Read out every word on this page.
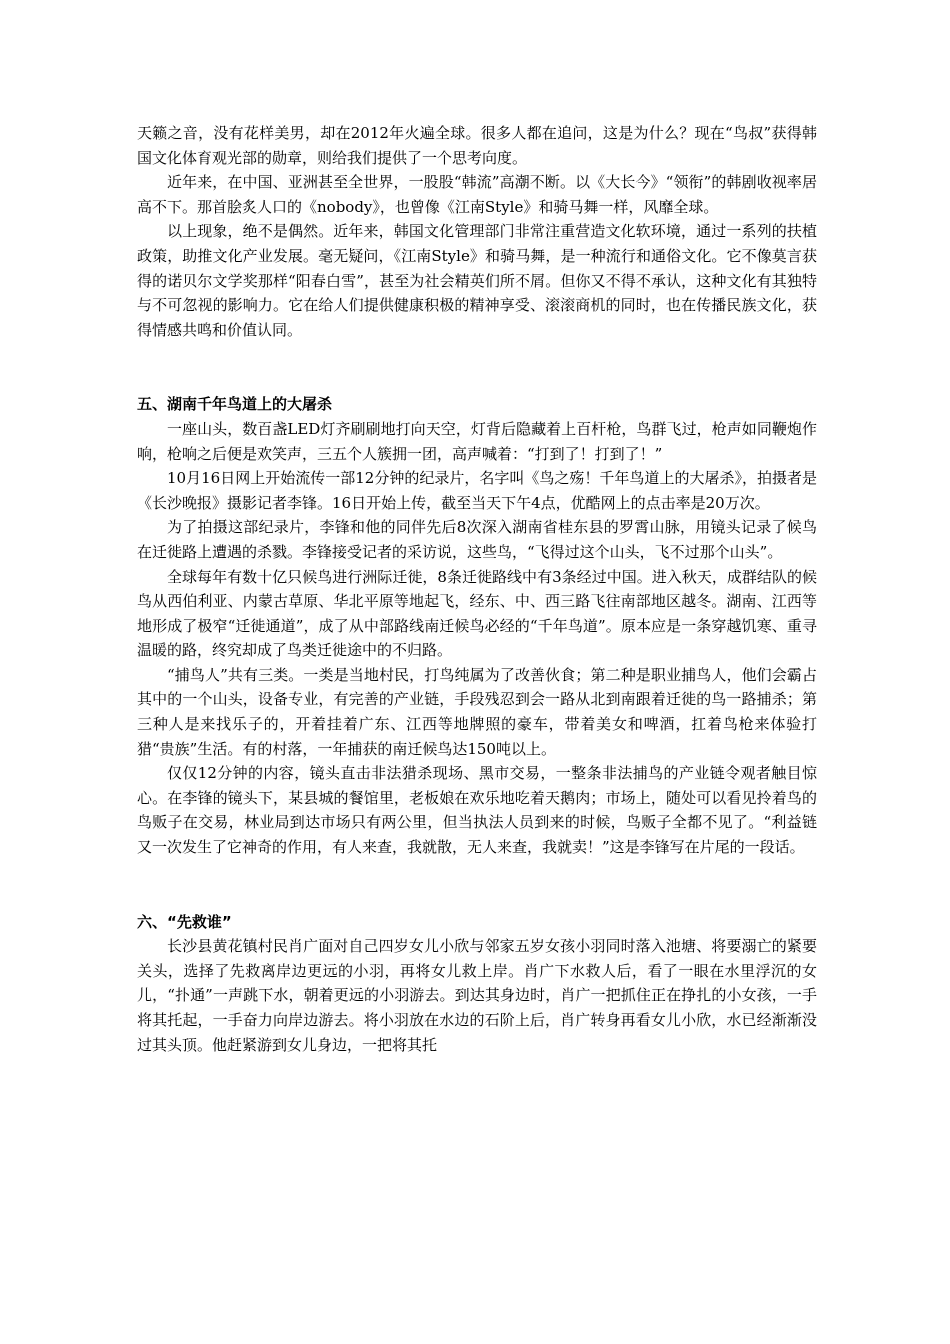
天籁之音，没有花样美男，却在2012年火遍全球。很多人都在追问，这是为什么？现在“鸟叔”获得韩国文化体育观光部的勋章，则给我们提供了一个思考向度。

近年来，在中国、亚洲甚至全世界，一股股“韩流”高潮不断。以《大长今》“领衔”的韩剧收视率居高不下。那首脍炙人口的《nobody》，也曾像《江南Style》和骑马舞一样，风靡全球。

以上现象，绝不是偶然。近年来，韩国文化管理部门非常注重营造文化软环境，通过一系列的扶植政策，助推文化产业发展。毫无疑问，《江南Style》和骑马舞，是一种流行和通俗文化。它不像莫言获得的诺贝尔文学奖那样“阳春白雪”，甚至为社会精英们所不屑。但你又不得不承认，这种文化有其独特与不可忽视的影响力。它在给人们提供健康积极的精神享受、滚滚商机的同时，也在传播民族文化，获得情感共鸣和价值认同。

五、湖南千年鸟道上的大屠杀

一座山头，数百盏LED灯齐刷刷地打向天空，灯背后隐藏着上百杆枪，鸟群飞过，枪声如同鞭炮作响，枪响之后便是欢笑声，三五个人簇拥一团，高声喊着：“打到了！打到了！”

10月16日网上开始流传一部12分钟的纪录片，名字叫《鸟之殇！千年鸟道上的大屠杀》，拍摄者是《长沙晚报》摄影记者李锋。16日开始上传，截至当天下午4点，优酷网上的点击率是20万次。

为了拍摄这部纪录片，李锋和他的同伴先后8次深入湖南省桂东县的罗霄山脉，用镜头记录了候鸟在迁徙路上遭遇的杀戮。李锋接受记者的采访说，这些鸟，“飞得过这个山头，飞不过那个山头”。

全球每年有数十亿只候鸟进行洲际迁徙，8条迁徙路线中有3条经过中国。进入秋天，成群结队的候鸟从西伯利亚、内蒙古草原、华北平原等地起飞，经东、中、西三路飞往南部地区越冬。湖南、江西等地形成了极窄“迁徙通道”，成了从中部路线南迁候鸟必经的“千年鸟道”。原本应是一条穿越饥寒、重寻温暖的路，终究却成了鸟类迁徙途中的不归路。

“捕鸟人”共有三类。一类是当地村民，打鸟纯属为了改善伙食；第二种是职业捕鸟人，他们会霸占其中的一个山头，设备专业，有完善的产业链，手段残忍到会一路从北到南跟着迁徙的鸟一路捕杀；第三种人是来找乐子的，开着挂着广东、江西等地牌照的豪车，带着美女和啤酒，扛着鸟枪来体验打猎“贵族”生活。有的村落，一年捕获的南迁候鸟达150吨以上。

仅仅12分钟的内容，镜头直击非法猎杀现场、黑市交易，一整条非法捕鸟的产业链令观者触目惊心。在李锋的镜头下，某县城的餐馆里，老板娘在欢乐地吃着天鹅肉；市场上，随处可以看见拎着鸟的鸟贩子在交易，林业局到达市场只有两公里，但当执法人员到来的时候，鸟贩子全都不见了。“利益链又一次发生了它神奇的作用，有人来查，我就散，无人来查，我就卖！”这是李锋写在片尾的一段话。

六、“先救谁”

长沙县黄花镇村民肖广面对自己四岁女儿小欣与邻家五岁女孩小羽同时落入池塘、将要溺亡的紧要关头，选择了先救离岸边更远的小羽，再将女儿救上岸。肖广下水救人后，看了一眼在水里浮沉的女儿，“扑通”一声跳下水，朝着更远的小羽游去。到达其身边时，肖广一把抓住正在挣扎的小女孩，一手将其托起，一手奋力向岸边游去。将小羽放在水边的石阶上后，肖广转身再看女儿小欣，水已经渐渐没过其头顶。他赶紧游到女儿身边，一把将其托
